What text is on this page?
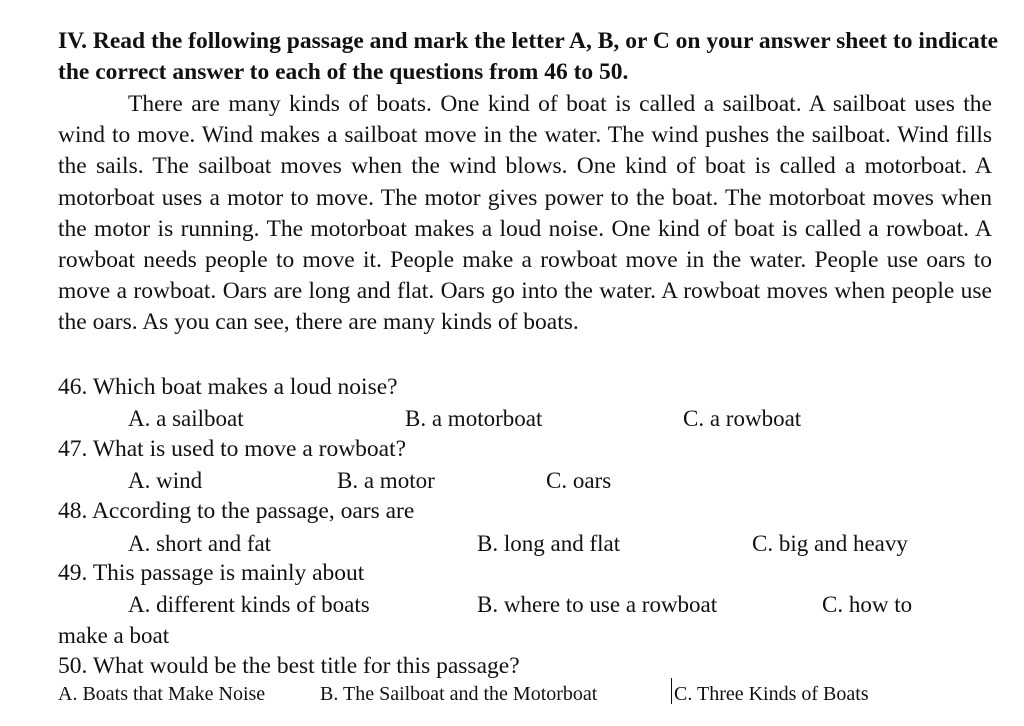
IV. Read the following passage and mark the letter A, B, or C on your answer sheet to indicate the correct answer to each of the questions from 46 to 50.
There are many kinds of boats. One kind of boat is called a sailboat. A sailboat uses the wind to move. Wind makes a sailboat move in the water. The wind pushes the sailboat. Wind fills the sails. The sailboat moves when the wind blows. One kind of boat is called a motorboat. A motorboat uses a motor to move. The motor gives power to the boat. The motorboat moves when the motor is running. The motorboat makes a loud noise. One kind of boat is called a rowboat. A rowboat needs people to move it. People make a rowboat move in the water. People use oars to move a rowboat. Oars are long and flat. Oars go into the water. A rowboat moves when people use the oars. As you can see, there are many kinds of boats.
46. Which boat makes a loud noise?
A. a sailboat	B. a motorboat	C. a rowboat
47. What is used to move a rowboat?
A. wind	B. a motor	C. oars
48. According to the passage, oars are
A. short and fat	B. long and flat	C. big and heavy
49. This passage is mainly about
A. different kinds of boats	B. where to use a rowboat	C. how to
make a boat
50. What would be the best title for this passage?
A. Boats that Make Noise	B. The Sailboat and the Motorboat	C. Three Kinds of Boats
